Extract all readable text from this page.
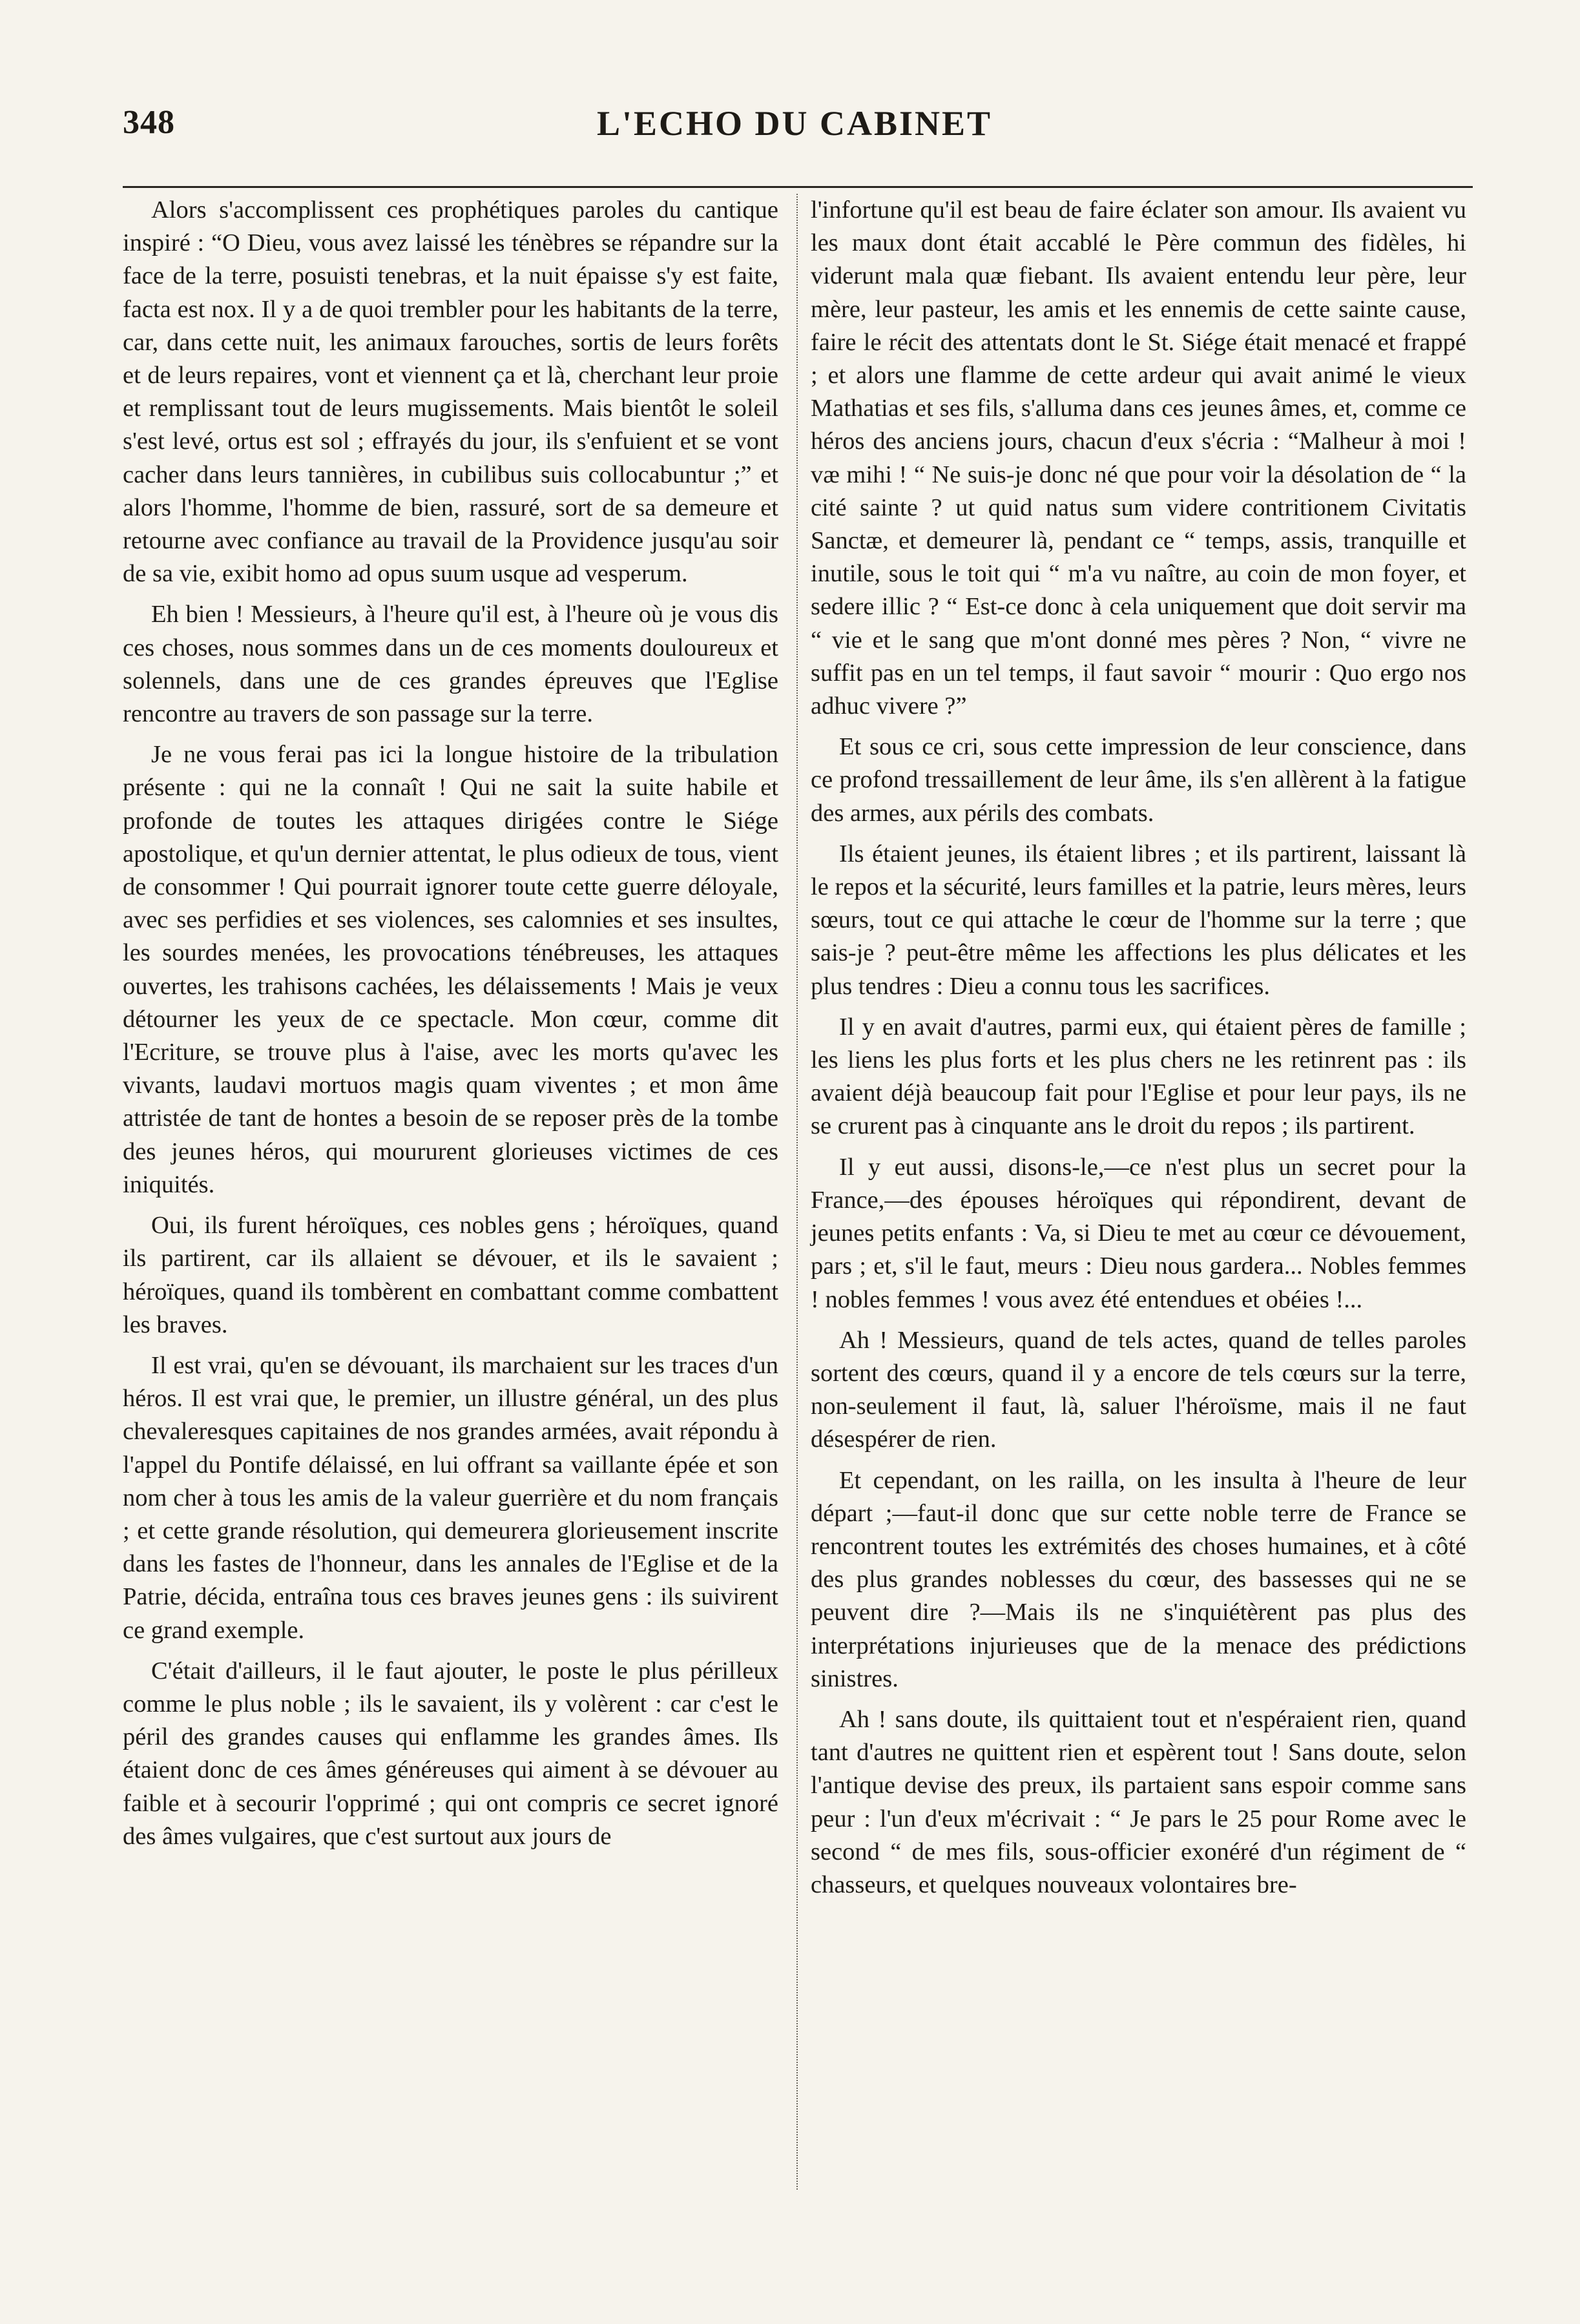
348	L'ECHO DU CABINET

Alors s'accomplissent ces prophétiques paroles du cantique inspiré : “O Dieu, vous avez laissé les ténèbres se répandre sur la face de la terre, posuisti tenebras, et la nuit épaisse s'y est faite, facta est nox. Il y a de quoi trembler pour les habitants de la terre, car, dans cette nuit, les animaux farouches, sortis de leurs forêts et de leurs repaires, vont et viennent ça et là, cherchant leur proie et remplissant tout de leurs mugissements. Mais bientôt le soleil s'est levé, ortus est sol ; effrayés du jour, ils s'enfuient et se vont cacher dans leurs tannières, in cubilibus suis collocabuntur ;” et alors l'homme, l'homme de bien, rassuré, sort de sa demeure et retourne avec confiance au travail de la Providence jusqu'au soir de sa vie, exibit homo ad opus suum usque ad vesperum.

Eh bien ! Messieurs, à l'heure qu'il est, à l'heure où je vous dis ces choses, nous sommes dans un de ces moments douloureux et solennels, dans une de ces grandes épreuves que l'Eglise rencontre au travers de son passage sur la terre.

Je ne vous ferai pas ici la longue histoire de la tribulation présente : qui ne la connaît ! Qui ne sait la suite habile et profonde de toutes les attaques dirigées contre le Siége apostolique, et qu'un dernier attentat, le plus odieux de tous, vient de consommer ! Qui pourrait ignorer toute cette guerre déloyale, avec ses perfidies et ses violences, ses calomnies et ses insultes, les sourdes menées, les provocations ténébreuses, les attaques ouvertes, les trahisons cachées, les délaissements ! Mais je veux détourner les yeux de ce spectacle. Mon cœur, comme dit l'Ecriture, se trouve plus à l'aise, avec les morts qu'avec les vivants, laudavi mortuos magis quam viventes ; et mon âme attristée de tant de hontes a besoin de se reposer près de la tombe des jeunes héros, qui moururent glorieuses victimes de ces iniquités.

Oui, ils furent héroïques, ces nobles gens ; héroïques, quand ils partirent, car ils allaient se dévouer, et ils le savaient ; héroïques, quand ils tombèrent en combattant comme combattent les braves.

Il est vrai, qu'en se dévouant, ils marchaient sur les traces d'un héros. Il est vrai que, le premier, un illustre général, un des plus chevaleresques capitaines de nos grandes armées, avait répondu à l'appel du Pontife délaissé, en lui offrant sa vaillante épée et son nom cher à tous les amis de la valeur guerrière et du nom français ; et cette grande résolution, qui demeurera glorieusement inscrite dans les fastes de l'honneur, dans les annales de l'Eglise et de la Patrie, décida, entraîna tous ces braves jeunes gens : ils suivirent ce grand exemple.

C'était d'ailleurs, il le faut ajouter, le poste le plus périlleux comme le plus noble ; ils le savaient, ils y volèrent : car c'est le péril des grandes causes qui enflamme les grandes âmes. Ils étaient donc de ces âmes généreuses qui aiment à se dévouer au faible et à secourir l'opprimé ; qui ont compris ce secret ignoré des âmes vulgaires, que c'est surtout aux jours de

l'infortune qu'il est beau de faire éclater son amour. Ils avaient vu les maux dont était accablé le Père commun des fidèles, hi viderunt mala quæ fiebant. Ils avaient entendu leur père, leur mère, leur pasteur, les amis et les ennemis de cette sainte cause, faire le récit des attentats dont le St. Siége était menacé et frappé ; et alors une flamme de cette ardeur qui avait animé le vieux Mathatias et ses fils, s'alluma dans ces jeunes âmes, et, comme ce héros des anciens jours, chacun d'eux s'écria : “Malheur à moi ! væ mihi ! “ Ne suis-je donc né que pour voir la désolation de “ la cité sainte ? ut quid natus sum videre contritionem Civitatis Sanctæ, et demeurer là, pendant ce “ temps, assis, tranquille et inutile, sous le toit qui “ m'a vu naître, au coin de mon foyer, et sedere illic ? “ Est-ce donc à cela uniquement que doit servir ma “ vie et le sang que m'ont donné mes pères ? Non, “ vivre ne suffit pas en un tel temps, il faut savoir “ mourir : Quo ergo nos adhuc vivere ?”

Et sous ce cri, sous cette impression de leur conscience, dans ce profond tressaillement de leur âme, ils s'en allèrent à la fatigue des armes, aux périls des combats.

Ils étaient jeunes, ils étaient libres ; et ils partirent, laissant là le repos et la sécurité, leurs familles et la patrie, leurs mères, leurs sœurs, tout ce qui attache le cœur de l'homme sur la terre ; que sais-je ? peut-être même les affections les plus délicates et les plus tendres : Dieu a connu tous les sacrifices.

Il y en avait d'autres, parmi eux, qui étaient pères de famille ; les liens les plus forts et les plus chers ne les retinrent pas : ils avaient déjà beaucoup fait pour l'Eglise et pour leur pays, ils ne se crurent pas à cinquante ans le droit du repos ; ils partirent.

Il y eut aussi, disons-le,—ce n'est plus un secret pour la France,—des épouses héroïques qui répondirent, devant de jeunes petits enfants : Va, si Dieu te met au cœur ce dévouement, pars ; et, s'il le faut, meurs : Dieu nous gardera... Nobles femmes ! nobles femmes ! vous avez été entendues et obéies !...

Ah ! Messieurs, quand de tels actes, quand de telles paroles sortent des cœurs, quand il y a encore de tels cœurs sur la terre, non-seulement il faut, là, saluer l'héroïsme, mais il ne faut désespérer de rien.

Et cependant, on les railla, on les insulta à l'heure de leur départ ;—faut-il donc que sur cette noble terre de France se rencontrent toutes les extrémités des choses humaines, et à côté des plus grandes noblesses du cœur, des bassesses qui ne se peuvent dire ?—Mais ils ne s'inquiétèrent pas plus des interprétations injurieuses que de la menace des prédictions sinistres.

Ah ! sans doute, ils quittaient tout et n'espéraient rien, quand tant d'autres ne quittent rien et espèrent tout ! Sans doute, selon l'antique devise des preux, ils partaient sans espoir comme sans peur : l'un d'eux m'écrivait : “ Je pars le 25 pour Rome avec le second “ de mes fils, sous-officier exonéré d'un régiment de “ chasseurs, et quelques nouveaux volontaires bre-
